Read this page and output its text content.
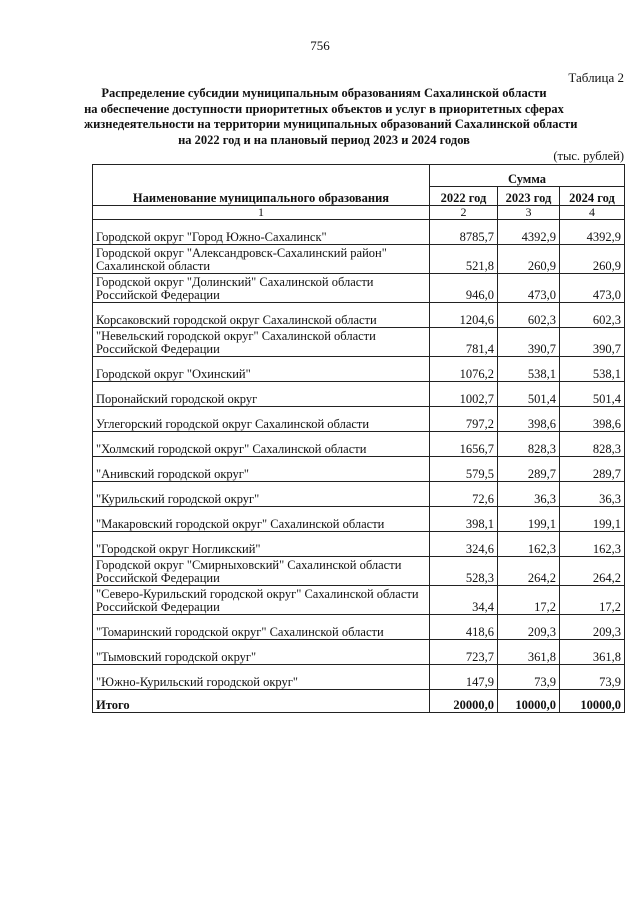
756
Таблица 2
Распределение субсидии муниципальным образованиям Сахалинской области
на обеспечение доступности приоритетных объектов и услуг в приоритетных сферах
жизнедеятельности на территории муниципальных образований Сахалинской области
на 2022 год и на плановый период 2023 и 2024 годов
(тыс. рублей)
Наименование муниципального образования	Сумма		
	2022 год	2023 год	2024 год
1	2	3	4
Городской округ "Город Южно-Сахалинск"	8785,7	4392,9	4392,9
Городской округ "Александровск-Сахалинский район" Сахалинской области	521,8	260,9	260,9
Городской округ "Долинский" Сахалинской области Российской Федерации	946,0	473,0	473,0
Корсаковский городской округ Сахалинской области	1204,6	602,3	602,3
"Невельский городской округ" Сахалинской области Российской Федерации	781,4	390,7	390,7
Городской округ "Охинский"	1076,2	538,1	538,1
Поронайский городской округ	1002,7	501,4	501,4
Углегорский городской округ Сахалинской области	797,2	398,6	398,6
"Холмский городской округ" Сахалинской области	1656,7	828,3	828,3
"Анивский городской округ"	579,5	289,7	289,7
"Курильский городской округ"	72,6	36,3	36,3
"Макаровский городской округ" Сахалинской области	398,1	199,1	199,1
"Городской округ Ногликский"	324,6	162,3	162,3
Городской округ "Смирныховский" Сахалинской области Российской Федерации	528,3	264,2	264,2
"Северо-Курильский городской округ" Сахалинской области Российской Федерации	34,4	17,2	17,2
"Томаринский городской округ" Сахалинской области	418,6	209,3	209,3
"Тымовский городской округ"	723,7	361,8	361,8
"Южно-Курильский городской округ"	147,9	73,9	73,9
Итого	20000,0	10000,0	10000,0
